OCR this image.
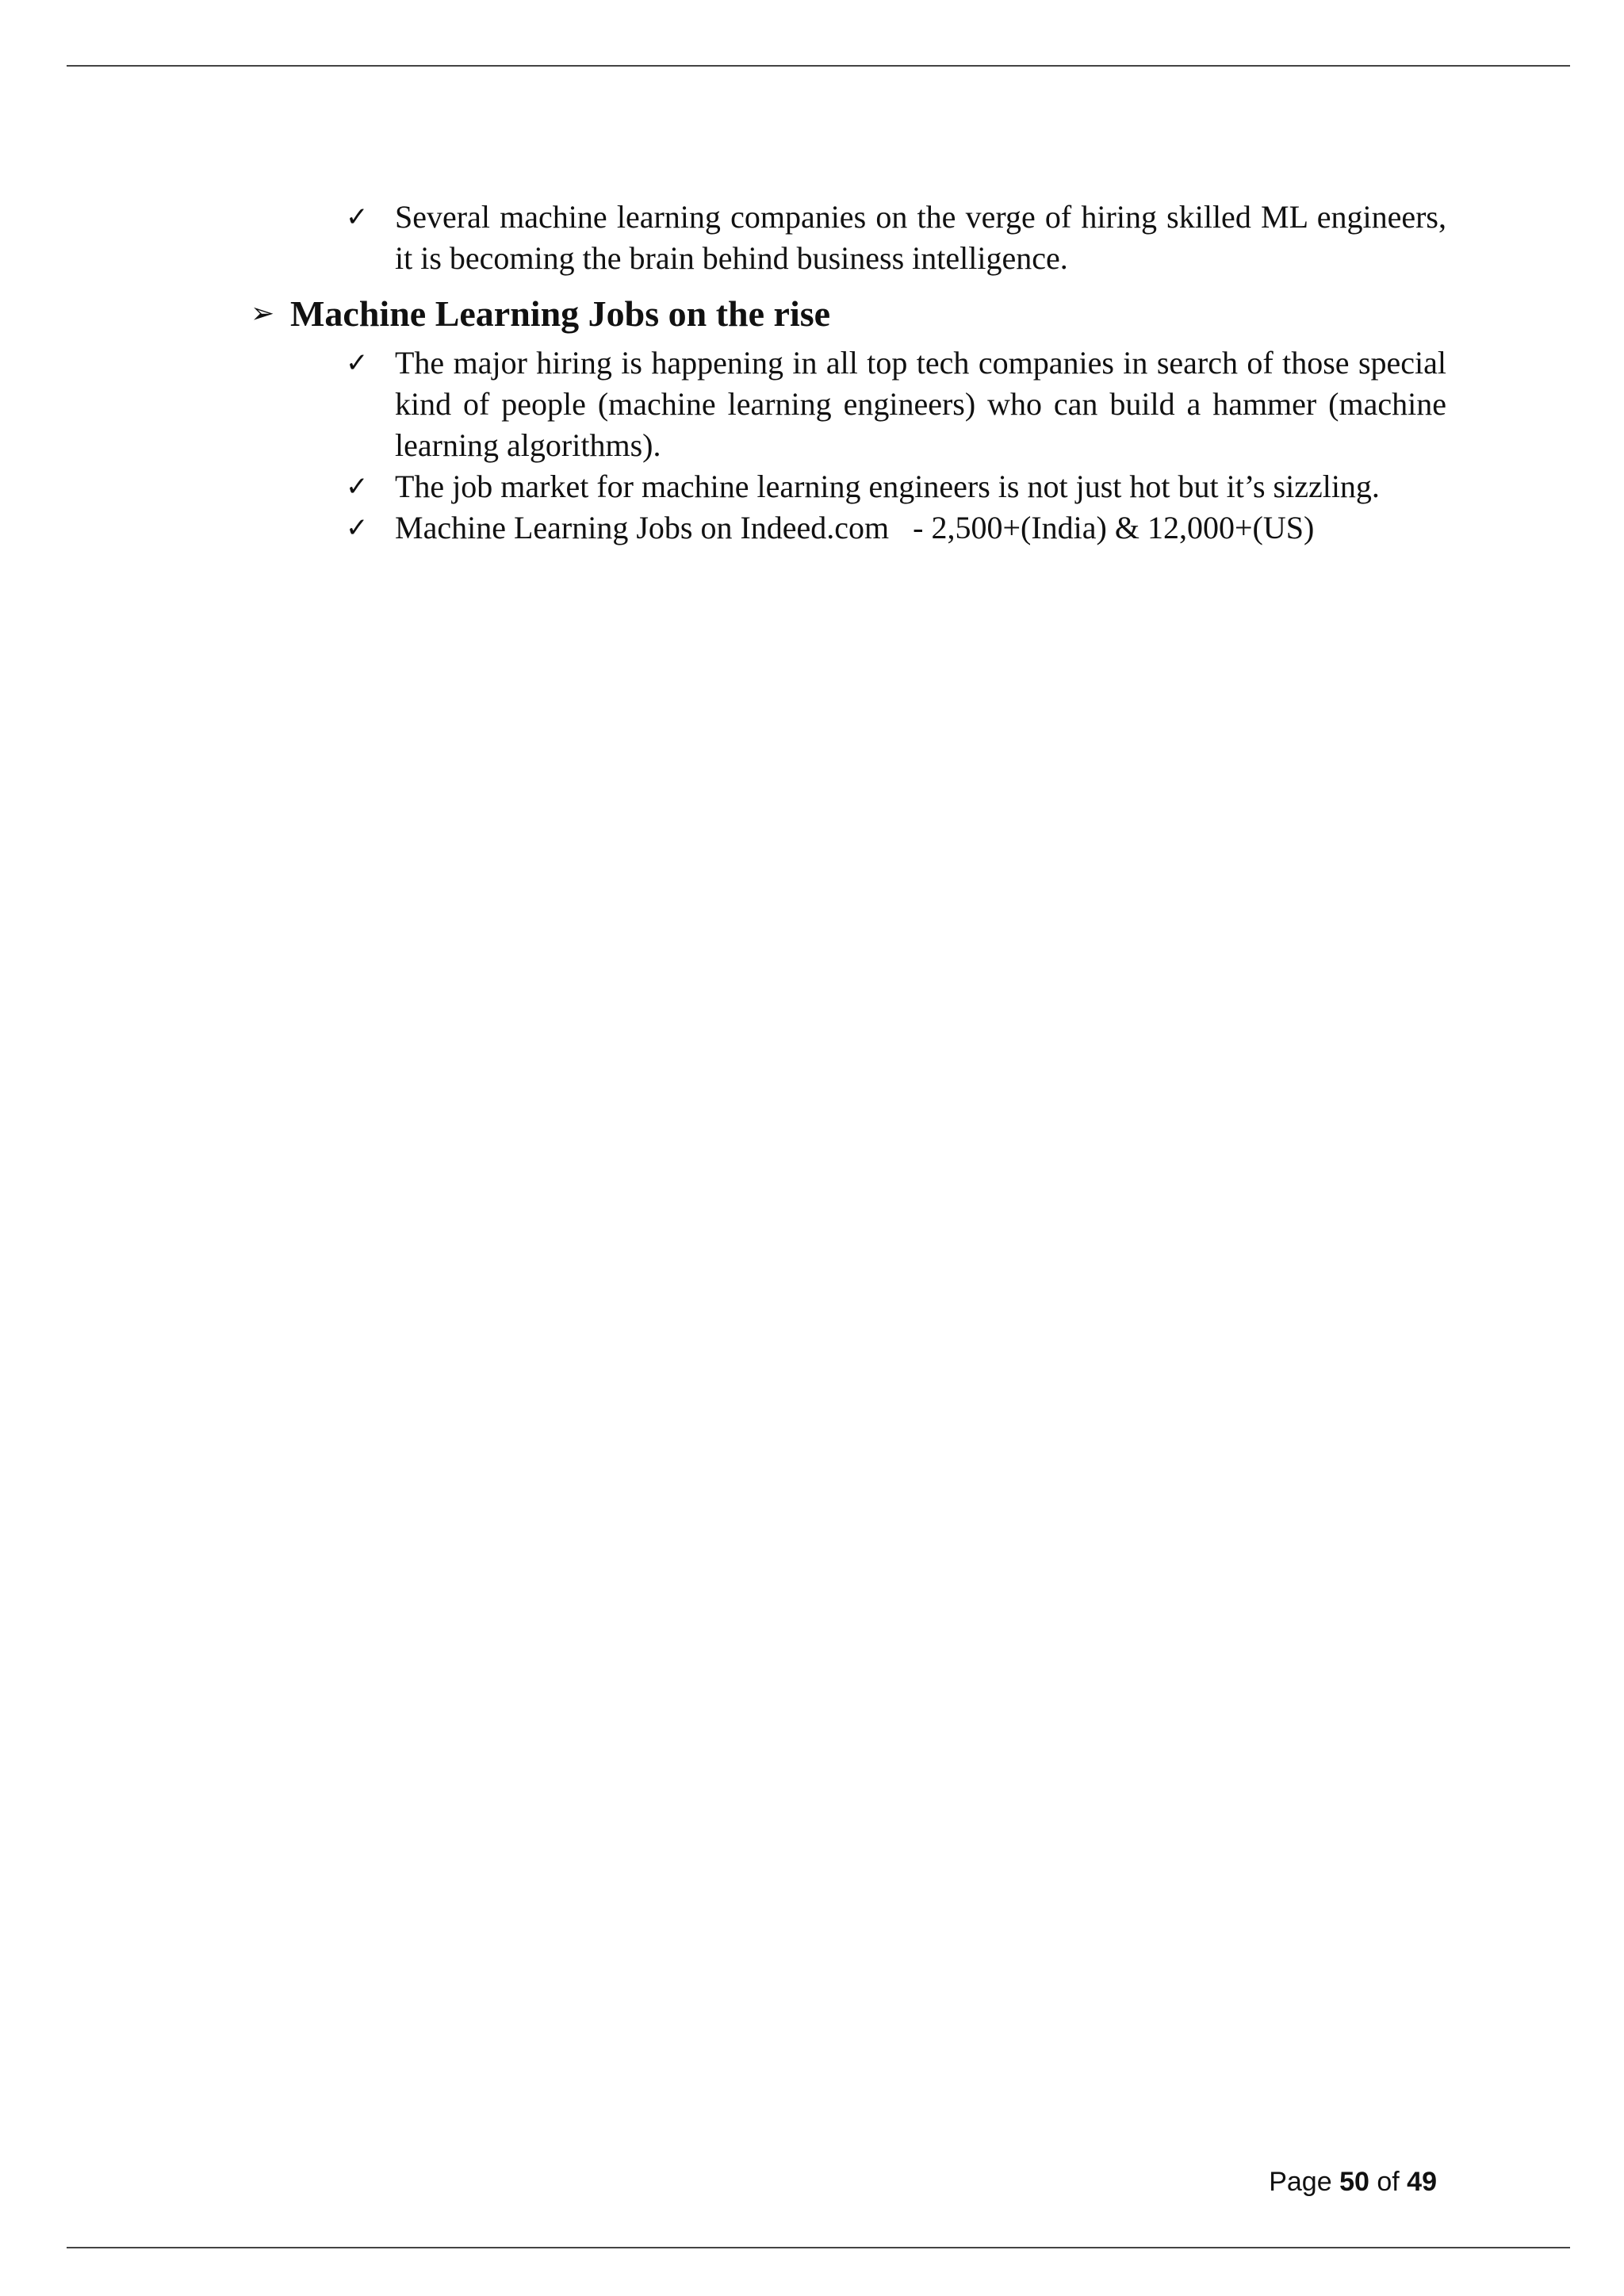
✓ Several machine learning companies on the verge of hiring skilled ML engineers, it is becoming the brain behind business intelligence.
➢ Machine Learning Jobs on the rise
✓ The major hiring is happening in all top tech companies in search of those special kind of people (machine learning engineers) who can build a hammer (machine learning algorithms).
✓ The job market for machine learning engineers is not just hot but it’s sizzling.
✓ Machine Learning Jobs on Indeed.com   - 2,500+(India) & 12,000+(US)
Page 50 of 49
